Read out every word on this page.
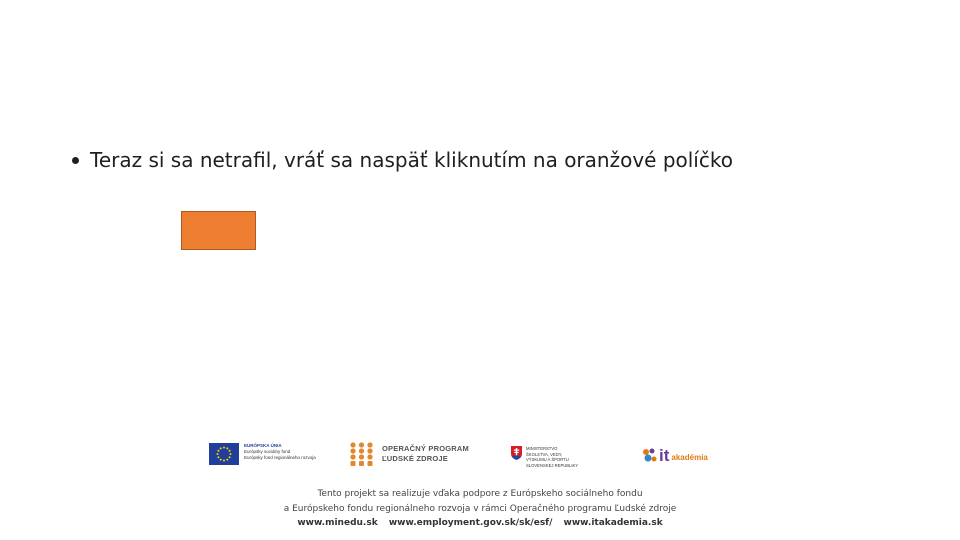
Teraz si sa netrafil, vráť sa naspäť kliknutím na oranžové políčko
EURÓPSKA ÚNIA
Európsky sociálny fond
Európsky fond regionálneho rozvoja
OPERAČNÝ PROGRAM
ĽUDSKÉ ZDROJE
MINISTERSTVO
ŠKOLSTVA, VEDY,
VÝSKUMU A ŠPORTU
SLOVENSKEJ REPUBLIKY	it akadémia
Tento projekt sa realizuje vďaka podpore z Európskeho sociálneho fondu
a Európskeho fondu regionálneho rozvoja v rámci Operačného programu Ľudské zdroje
www.minedu.sk www.employment.gov.sk/sk/esf/ www.itakademia.sk
